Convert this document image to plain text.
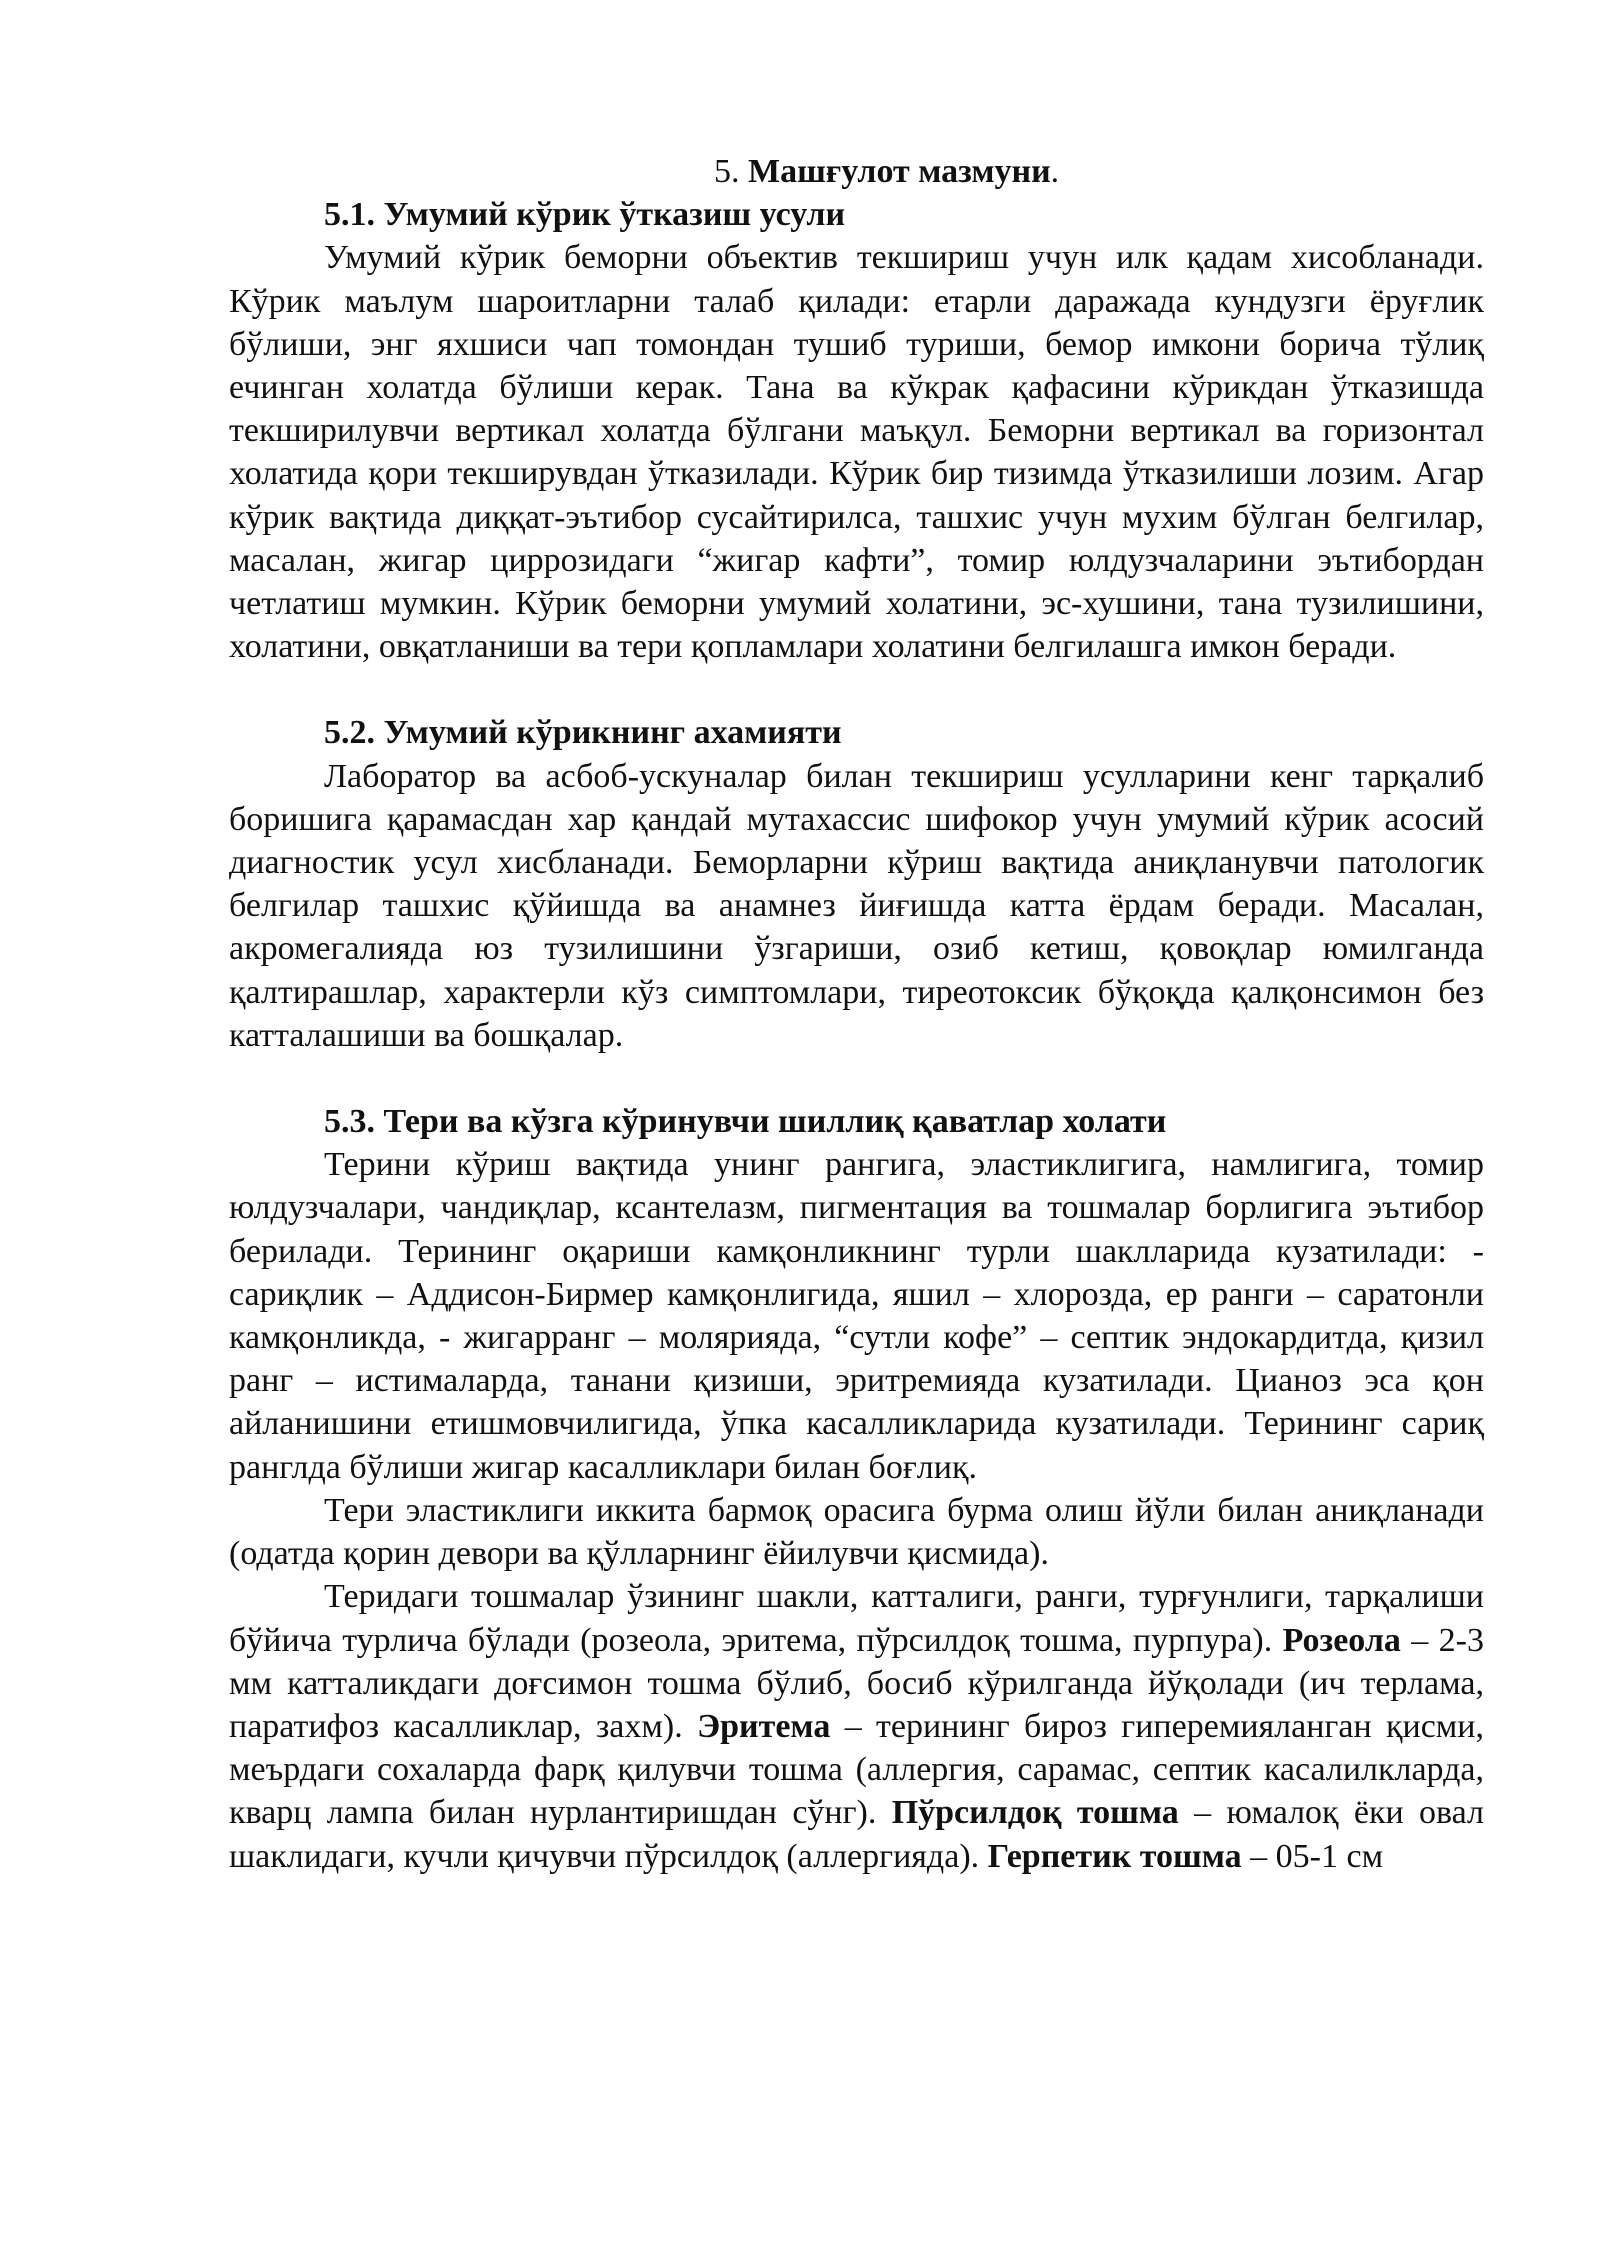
5. Машғулот мазмуни.
5.1. Умумий кўрик ўтказиш усули

Умумий кўрик беморни объектив текшириш учун илк қадам хисобланади. Кўрик маълум шароитларни талаб қилади: етарли даражада кундузги ёруғлик бўлиши, энг яхшиси чап томондан тушиб туриши, бемор имкони борича тўлиқ ечинган холатда бўлиши керак. Тана ва кўкрак қафасини кўрикдан ўтказишда текширилувчи вертикал холатда бўлгани маъқул. Беморни вертикал ва горизонтал холатида қори текширувдан ўтказилади. Кўрик бир тизимда ўтказилиши лозим. Агар кўрик вақтида диққат-эътибор сусайтирилса, ташхис учун мухим бўлган белгилар, масалан, жигар циррозидаги “жигар кафти”, томир юлдузчаларини эътибордан четлатиш мумкин. Кўрик беморни умумий холатини, эс-хушини, тана тузилишини, холатини, овқатланиши ва тери қопламлари холатини белгилашга имкон беради.

5.2. Умумий кўрикнинг ахамияти

Лаборатор ва асбоб-ускуналар билан текшириш усулларини кенг тарқалиб боришига қарамасдан хар қандай мутахассис шифокор учун умумий кўрик асосий диагностик усул хисбланади. Беморларни кўриш вақтида аниқланувчи патологик белгилар ташхис қўйишда ва анамнез йиғишда катта ёрдам беради. Масалан, акромегалияда юз тузилишини ўзгариши, озиб кетиш, қовоқлар юмилганда қалтирашлар, характерли кўз симптомлари, тиреотоксик бўқоқда қалқонсимон без катталашиши ва бошқалар.

5.3. Тери ва кўзга кўринувчи шиллиқ қаватлар холати

Терини кўриш вақтида унинг рангига, эластиклигига, намлигига, томир юлдузчалари, чандиқлар, ксантелазм, пигментация ва тошмалар борлигига эътибор берилади. Терининг оқариши камқонликнинг турли шаклларида кузатилади: - сариқлик – Аддисон-Бирмер камқонлигида, яшил – хлорозда, ер ранги – саратонли камқонликда, - жигарранг – молярияда, “сутли кофе” – септик эндокардитда, қизил ранг – истималарда, танани қизиши, эритремияда кузатилади. Цианоз эса қон айланишини етишмовчилигида, ўпка касалликларида кузатилади. Терининг сариқ ранглда бўлиши жигар касалликлари билан боғлиқ.

Тери эластиклиги иккита бармоқ орасига бурма олиш йўли билан аниқланади (одатда қорин девори ва қўлларнинг ёйилувчи қисмида).

Теридаги тошмалар ўзининг шакли, катталиги, ранги, турғунлиги, тарқалиши бўйича турлича бўлади (розеола, эритема, пўрсилдоқ тошма, пурпура). Розеола – 2-3 мм катталикдаги доғсимон тошма бўлиб, босиб кўрилганда йўқолади (ич терлама, паратифоз касалликлар, захм). Эритема – терининг бироз гиперемияланган қисми, меърдаги сохаларда фарқ қилувчи тошма (аллергия, сарамас, септик касалилкларда, кварц лампа билан нурлантиришдан сўнг). Пўрсилдоқ тошма – юмалоқ ёки овал шаклидаги, кучли қичувчи пўрсилдоқ (аллергияда). Герпетик тошма – 05-1 см
